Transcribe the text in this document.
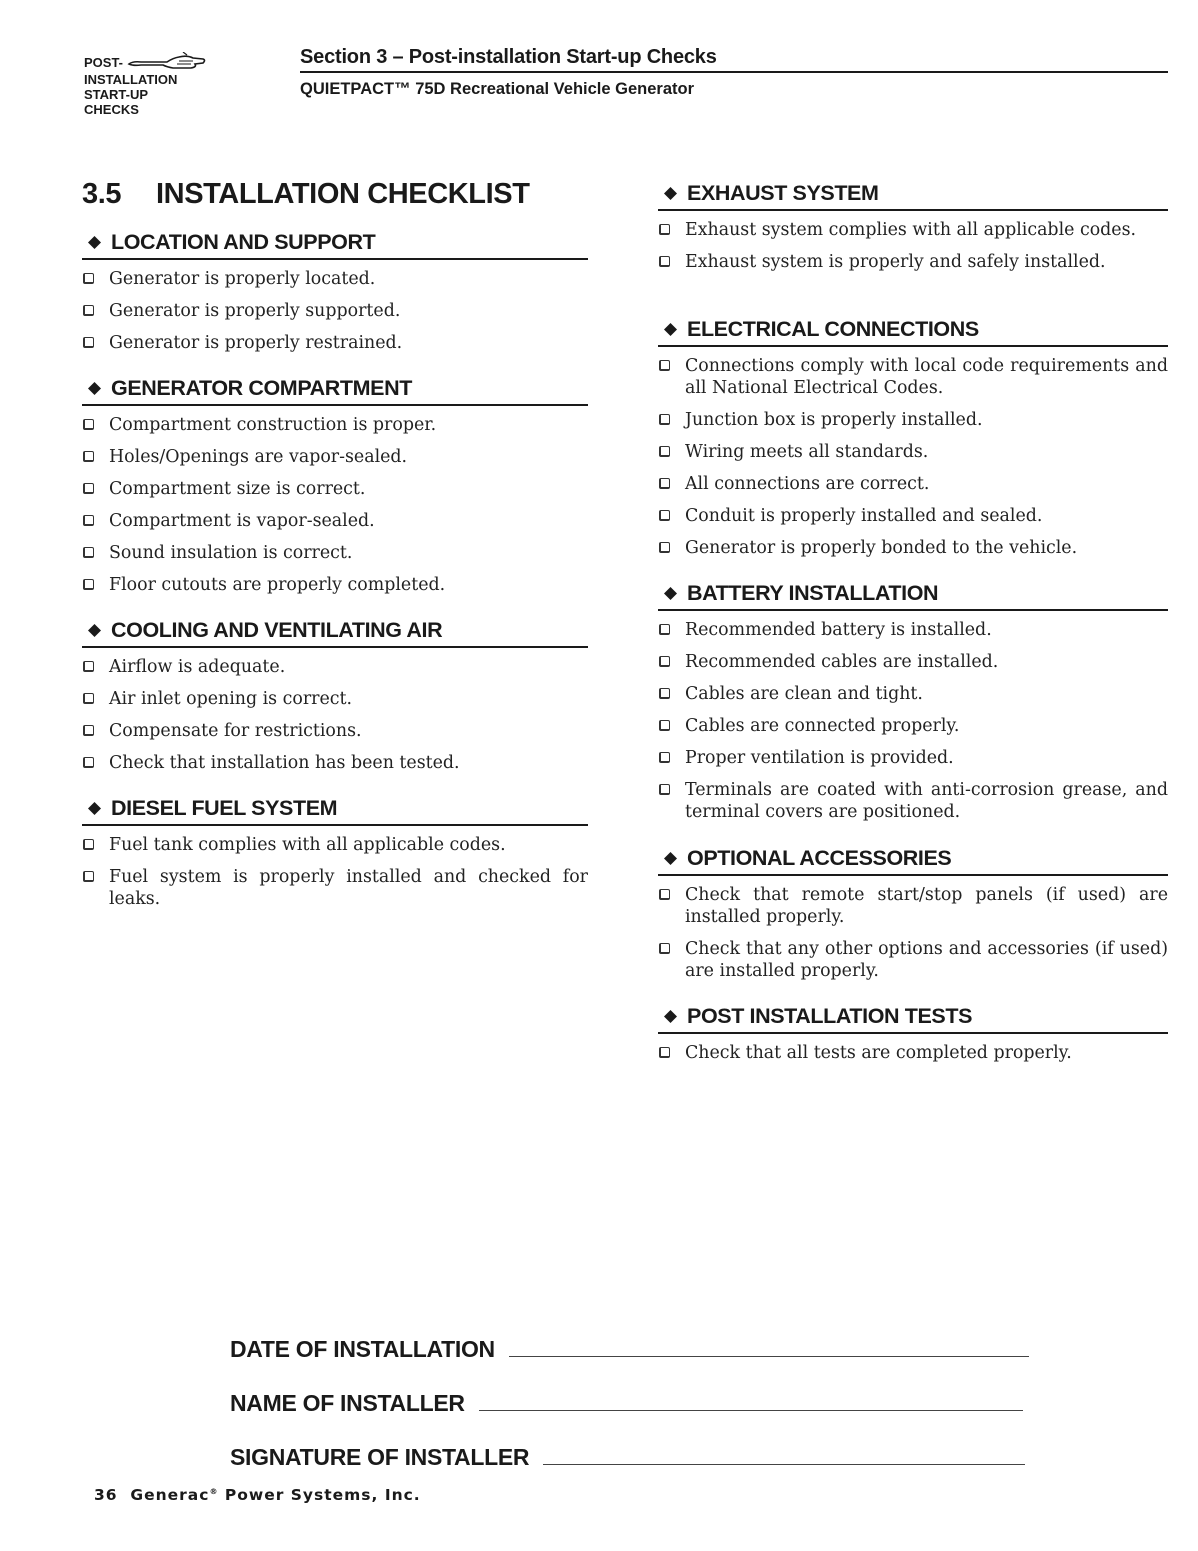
POST-
INSTALLATION
START-UP
CHECKS
Section 3 – Post-installation Start-up Checks
QUIETPACT™ 75D Recreational Vehicle Generator
3.5 INSTALLATION CHECKLIST
LOCATION AND SUPPORT
Generator is properly located.
Generator is properly supported.
Generator is properly restrained.
GENERATOR COMPARTMENT
Compartment construction is proper.
Holes/Openings are vapor-sealed.
Compartment size is correct.
Compartment is vapor-sealed.
Sound insulation is correct.
Floor cutouts are properly completed.
COOLING AND VENTILATING AIR
Airflow is adequate.
Air inlet opening is correct.
Compensate for restrictions.
Check that installation has been tested.
DIESEL FUEL SYSTEM
Fuel tank complies with all applicable codes.
Fuel system is properly installed and checked for leaks.
EXHAUST SYSTEM
Exhaust system complies with all applicable codes.
Exhaust system is properly and safely installed.
ELECTRICAL CONNECTIONS
Connections comply with local code requirements and all National Electrical Codes.
Junction box is properly installed.
Wiring meets all standards.
All connections are correct.
Conduit is properly installed and sealed.
Generator is properly bonded to the vehicle.
BATTERY INSTALLATION
Recommended battery is installed.
Recommended cables are installed.
Cables are clean and tight.
Cables are connected properly.
Proper ventilation is provided.
Terminals are coated with anti-corrosion grease, and terminal covers are positioned.
OPTIONAL ACCESSORIES
Check that remote start/stop panels (if used) are installed properly.
Check that any other options and accessories (if used) are installed properly.
POST INSTALLATION TESTS
Check that all tests are completed properly.
DATE OF INSTALLATION
NAME OF INSTALLER
SIGNATURE OF INSTALLER
36 Generac® Power Systems, Inc.
